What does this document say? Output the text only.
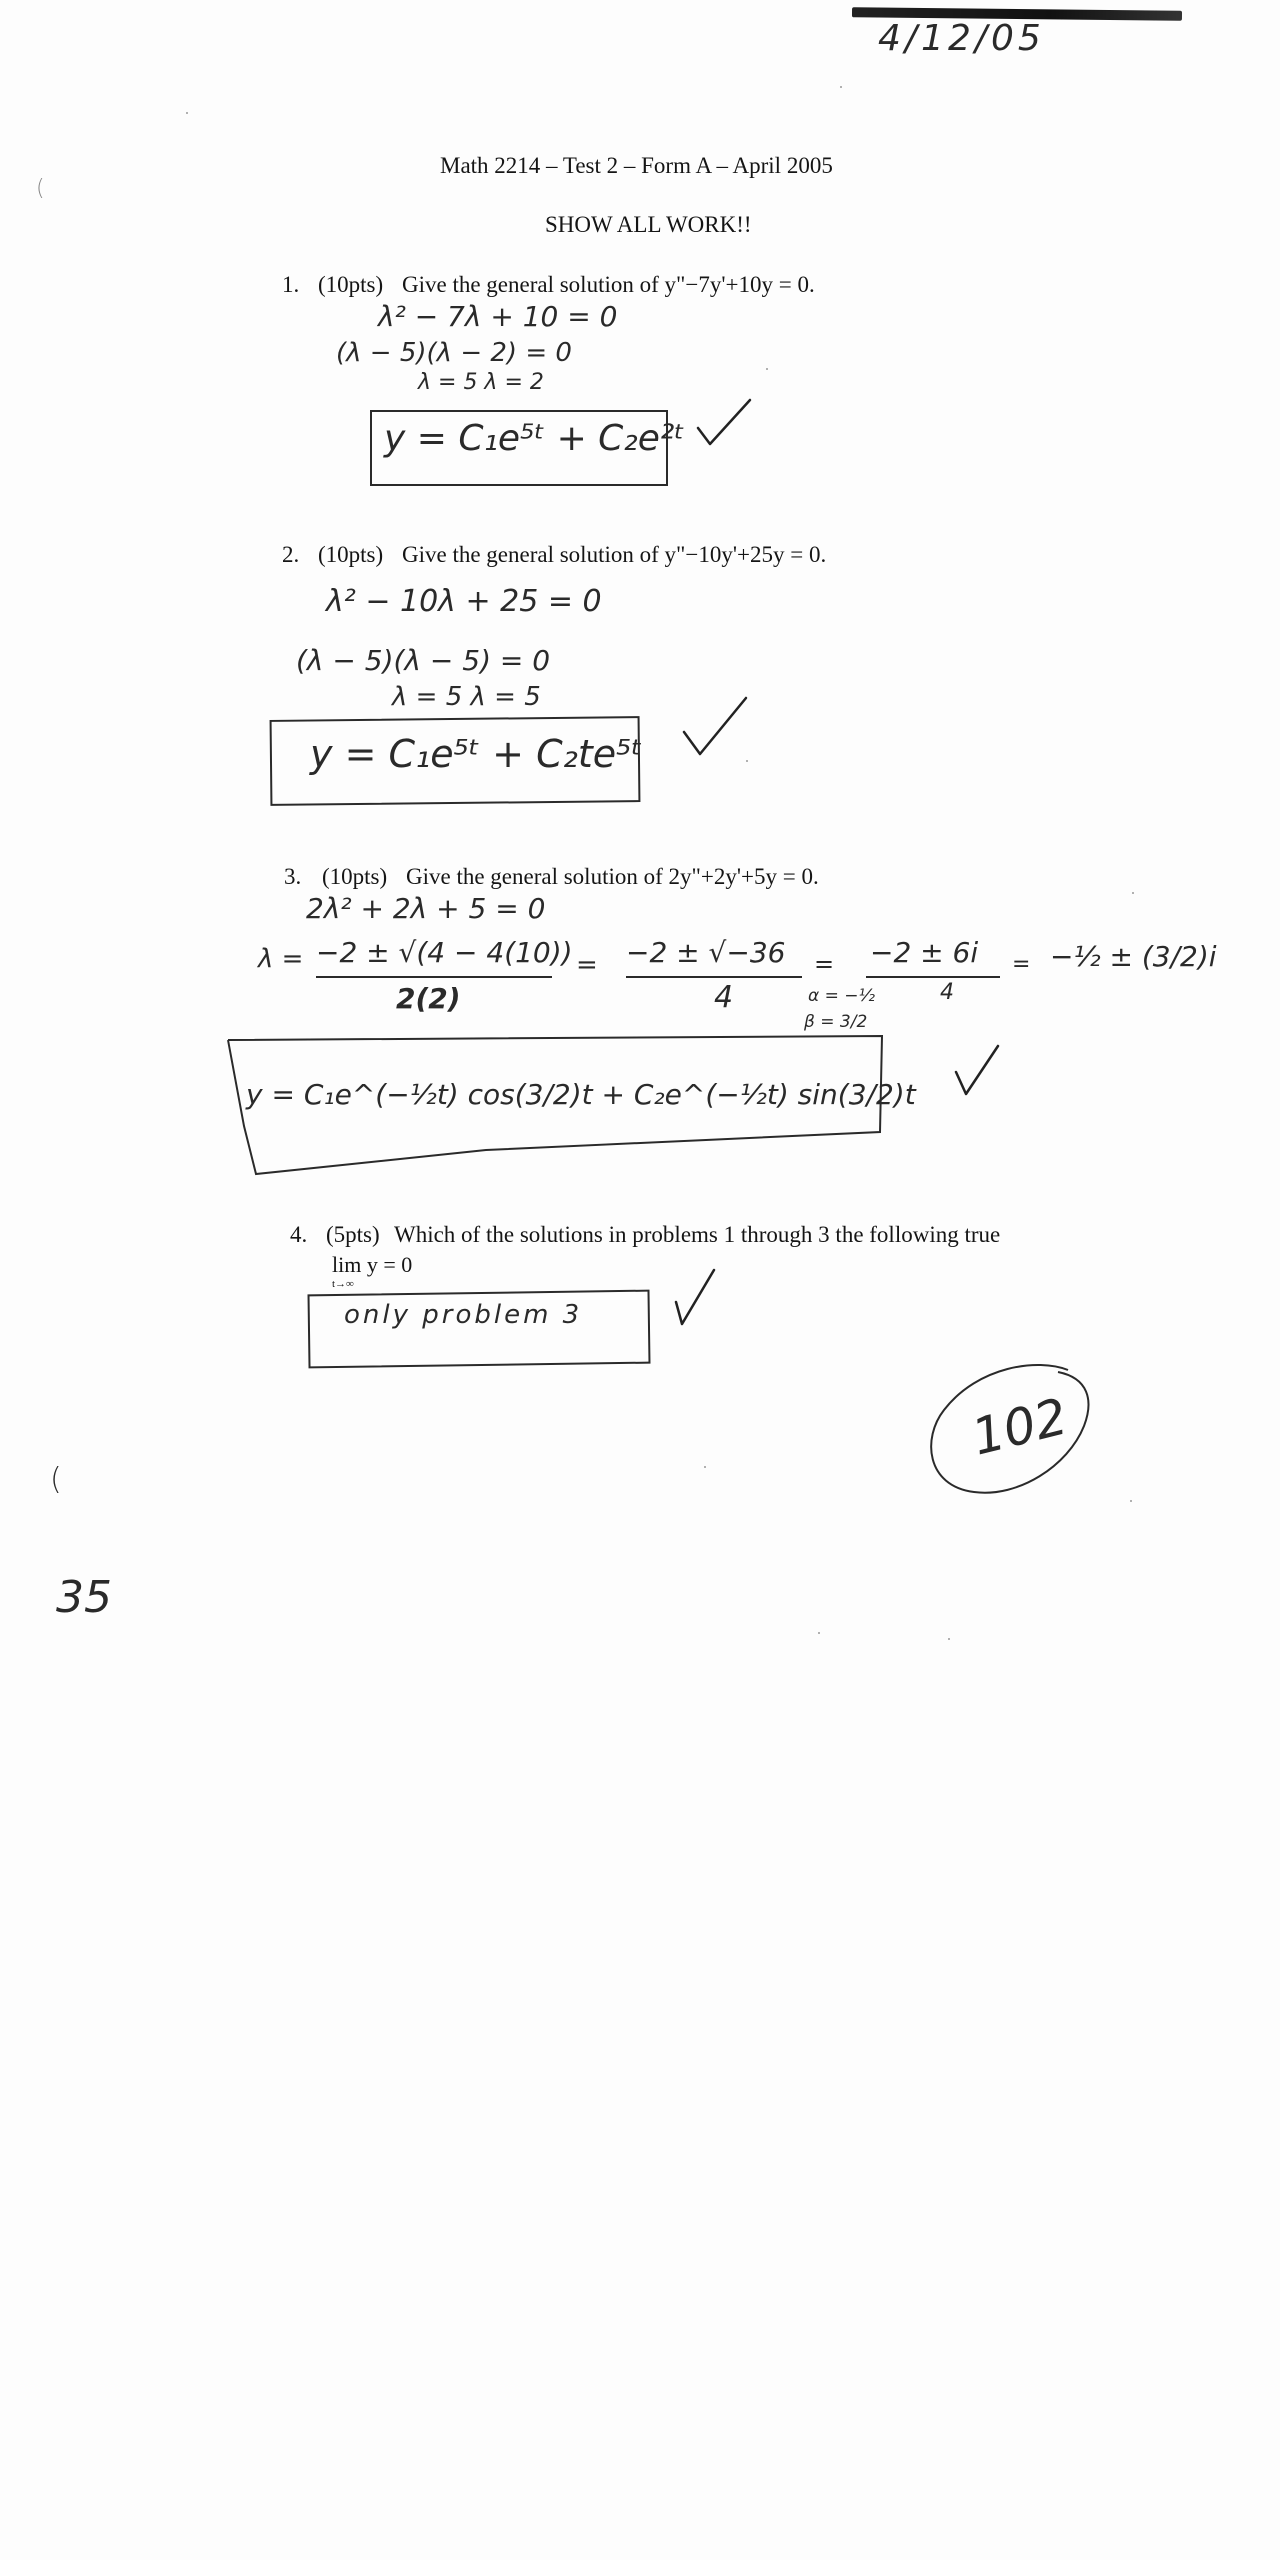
4/12/05
Math 2214 – Test 2 – Form A – April 2005
SHOW ALL WORK!!
1. (10pts) Give the general solution of y"−7y'+10y = 0.
λ² − 7λ + 10 = 0
(λ − 5)(λ − 2) = 0
λ = 5 λ = 2
y = C₁e⁵ᵗ + C₂e²ᵗ
2. (10pts) Give the general solution of y"−10y'+25y = 0.
λ² − 10λ + 25 = 0
(λ − 5)(λ − 5) = 0
λ = 5 λ = 5
y = C₁e⁵ᵗ + C₂te⁵ᵗ
3. (10pts) Give the general solution of 2y"+2y'+5y = 0.
2λ² + 2λ + 5 = 0
λ = −2 ± √(4 − 4(10))
2(2)
= −2 ± √−36
4
= −2 ± 6i
4
= −½ ± (3/2)i
α = −½
β = 3/2
y = C₁e^(−½t) cos(3/2)t + C₂e^(−½t) sin(3/2)t
4. (5pts) Which of the solutions in problems 1 through 3 the following true
lim y = 0
t→∞
only problem 3
102
35
(
(
